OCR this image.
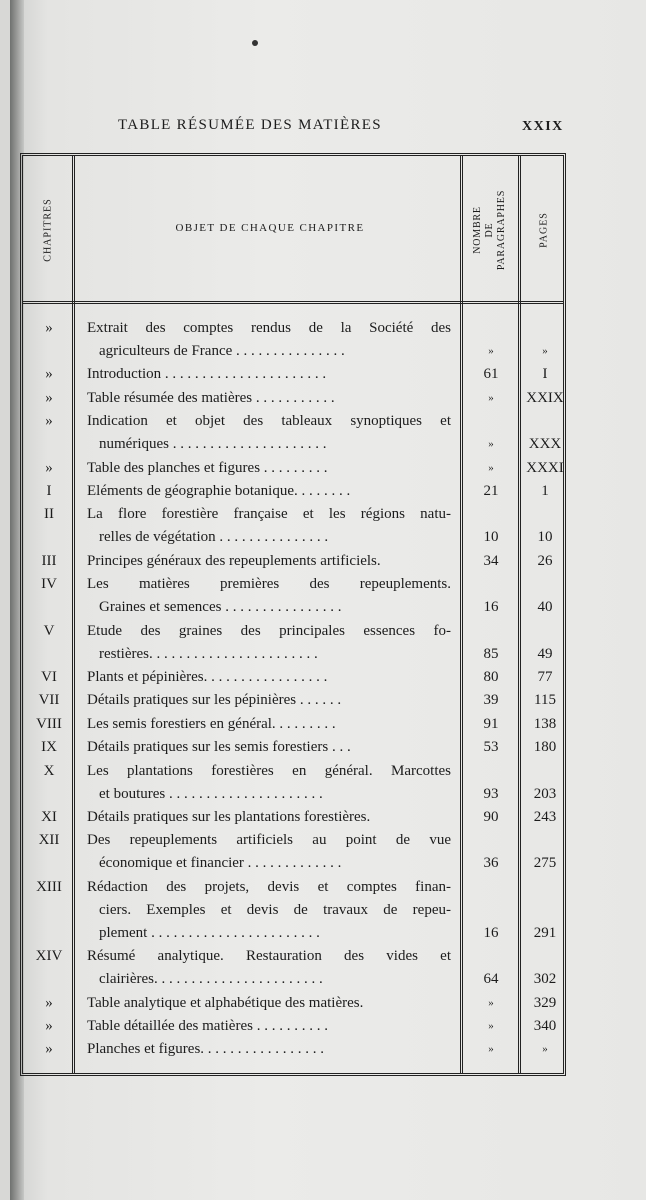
TABLE RÉSUMÉE DES MATIÈRES	XXIX
CHAPITRES	OBJET DE CHAQUE CHAPITRE	NOMBRE DE PARAGRAPHES	PAGES
»	Extrait des comptes rendus de la Société des
agriculteurs de France . . . . . . . . . . . . . . .	»	»
»	Introduction . . . . . . . . . . . . . . . . . . . . . .	61	I
»	Table résumée des matières . . . . . . . . . . .	»	XXIX
»	Indication et objet des tableaux synoptiques et
numériques . . . . . . . . . . . . . . . . . . . . .	»	XXX
»	Table des planches et figures . . . . . . . . .	»	XXXI
I	Eléments de géographie botanique. . . . . . . .	21	1
II	La flore forestière française et les régions natu-
relles de végétation . . . . . . . . . . . . . . .	10	10
III	Principes généraux des repeuplements artificiels.	34	26
IV	Les matières premières des repeuplements.
Graines et semences . . . . . . . . . . . . . . . .	16	40
V	Etude des graines des principales essences fo-
restières. . . . . . . . . . . . . . . . . . . . . . .	85	49
VI	Plants et pépinières. . . . . . . . . . . . . . . . .	80	77
VII	Détails pratiques sur les pépinières . . . . . .	39	115
VIII	Les semis forestiers en général. . . . . . . . .	91	138
IX	Détails pratiques sur les semis forestiers . . .	53	180
X	Les plantations forestières en général. Marcottes
et boutures . . . . . . . . . . . . . . . . . . . . .	93	203
XI	Détails pratiques sur les plantations forestières.	90	243
XII	Des repeuplements artificiels au point de vue
économique et financier . . . . . . . . . . . . .	36	275
XIII	Rédaction des projets, devis et comptes finan-
ciers. Exemples et devis de travaux de repeu-
plement . . . . . . . . . . . . . . . . . . . . . . .	16	291
XIV	Résumé analytique. Restauration des vides et
clairières. . . . . . . . . . . . . . . . . . . . . . .	64	302
»	Table analytique et alphabétique des matières.	»	329
»	Table détaillée des matières . . . . . . . . . .	»	340
»	Planches et figures. . . . . . . . . . . . . . . . .	»	»
